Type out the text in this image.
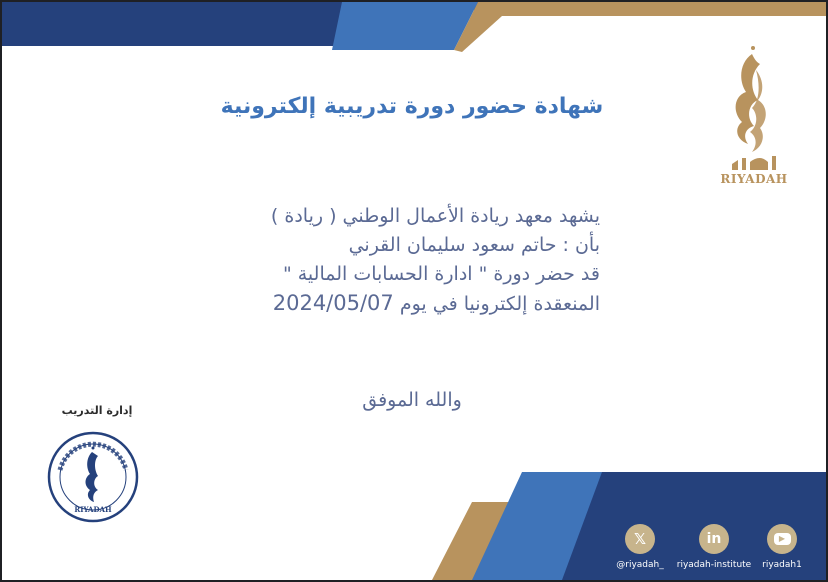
RIYADAH
شهادة حضور دورة تدريبية إلكترونية
يشهد معهد ريادة الأعمال الوطني ( ريادة )
بأن : حاتم سعود سليمان القرني
قد حضر دورة " ادارة الحسابات المالية "
المنعقدة إلكترونيا في يوم 2024/05/07
والله الموفق
إدارة التدريب
RIYADAH
𝕏
@riyadah_
in
riyadah-institute
▶
riyadah1
